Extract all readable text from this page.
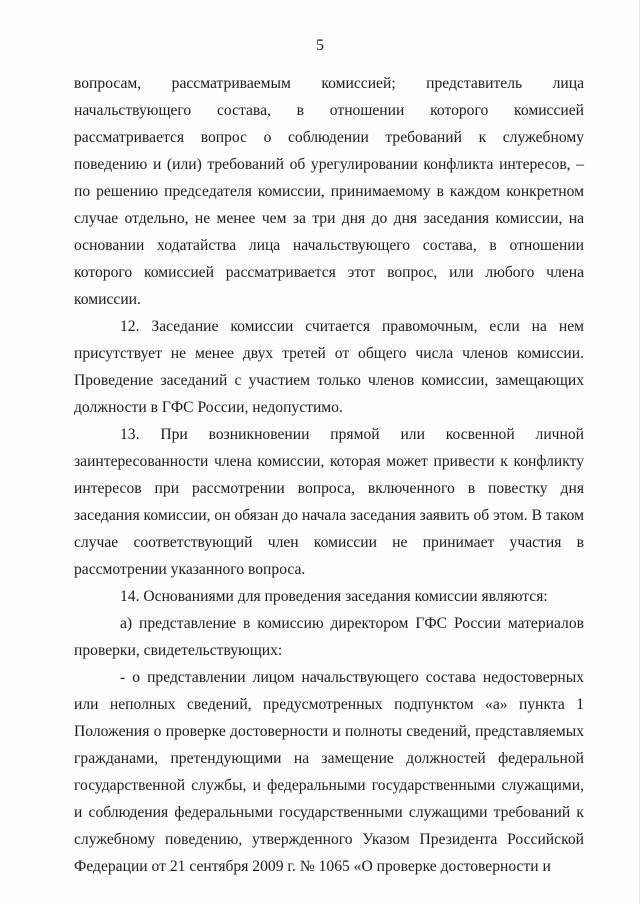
5

вопросам, рассматриваемым комиссией; представитель лица начальствующего состава, в отношении которого комиссией рассматривается вопрос о соблюдении требований к служебному поведению и (или) требований об урегулировании конфликта интересов, – по решению председателя комиссии, принимаемому в каждом конкретном случае отдельно, не менее чем за три дня до дня заседания комиссии, на основании ходатайства лица начальствующего состава, в отношении которого комиссией рассматривается этот вопрос, или любого члена комиссии.

12. Заседание комиссии считается правомочным, если на нем присутствует не менее двух третей от общего числа членов комиссии. Проведение заседаний с участием только членов комиссии, замещающих должности в ГФС России, недопустимо.

13. При возникновении прямой или косвенной личной заинтересованности члена комиссии, которая может привести к конфликту интересов при рассмотрении вопроса, включенного в повестку дня заседания комиссии, он обязан до начала заседания заявить об этом. В таком случае соответствующий член комиссии не принимает участия в рассмотрении указанного вопроса.

14. Основаниями для проведения заседания комиссии являются:

а) представление в комиссию директором ГФС России материалов проверки, свидетельствующих:

- о представлении лицом начальствующего состава недостоверных или неполных сведений, предусмотренных подпунктом «а» пункта 1 Положения о проверке достоверности и полноты сведений, представляемых гражданами, претендующими на замещение должностей федеральной государственной службы, и федеральными государственными служащими, и соблюдения федеральными государственными служащими требований к служебному поведению, утвержденного Указом Президента Российской Федерации от 21 сентября 2009 г. № 1065 «О проверке достоверности и
